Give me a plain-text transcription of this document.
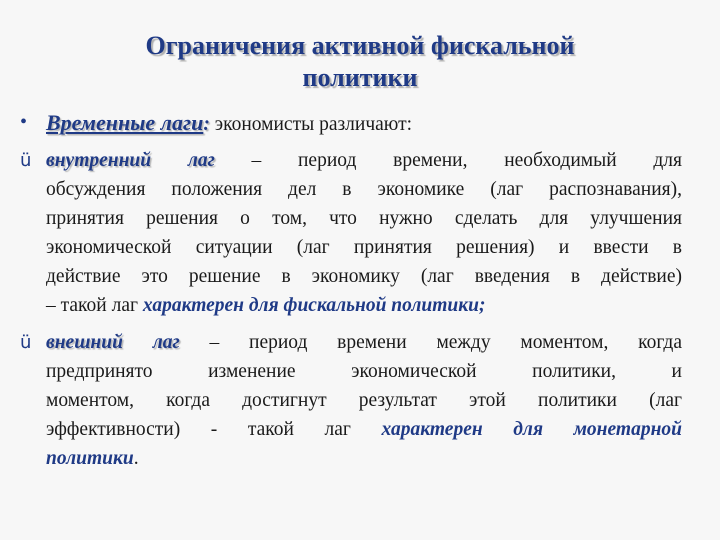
Ограничения активной фискальной
политики
• Временные лаги: экономисты различают:
ü внутренний лаг – период времени, необходимый для
обсуждения положения дел в экономике (лаг распознавания),
принятия решения о том, что нужно сделать для улучшения
экономической ситуации (лаг принятия решения) и ввести в
действие это решение в экономику (лаг введения в действие)
– такой лаг характерен для фискальной политики;
ü внешний лаг – период времени между моментом, когда
предпринято изменение экономической политики, и
моментом, когда достигнут результат этой политики (лаг
эффективности) - такой лаг характерен для монетарной
политики.
